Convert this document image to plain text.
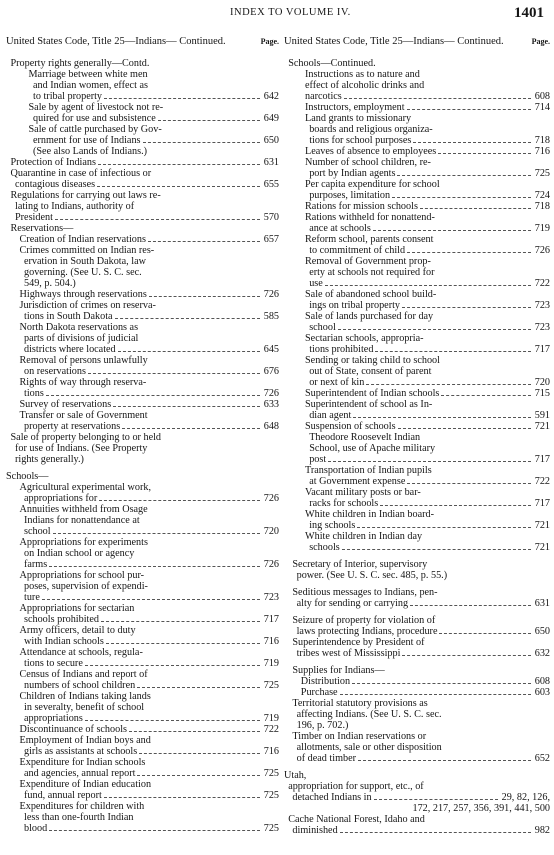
INDEX TO VOLUME IV.	1401
United States Code, Title 25—Indians— Continued.	Page.
Property rights generally—Contd.
Marriage between white men
and Indian women, effect as
to tribal property	642
Sale by agent of livestock not re-
quired for use and subsistence	649
Sale of cattle purchased by Gov-
ernment for use of Indians	650
(See also Lands of Indians.)
Protection of Indians	631
Quarantine in case of infectious or
contagious diseases	655
Regulations for carrying out laws re-
lating to Indians, authority of
President	570
Reservations—
Creation of Indian reservations	657
Crimes committed on Indian res-
ervation in South Dakota, law
governing. (See U. S. C. sec.
549, p. 504.)
Highways through reservations	726
Jurisdiction of crimes on reserva-
tions in South Dakota	585
North Dakota reservations as
parts of divisions of judicial
districts where located	645
Removal of persons unlawfully
on reservations	676
Rights of way through reserva-
tions	726
Survey of reservations	633
Transfer or sale of Government
property at reservations	648
Sale of property belonging to or held
for use of Indians. (See Property
rights generally.)
Schools—
Agricultural experimental work,
appropriations for	726
Annuities withheld from Osage
Indians for nonattendance at
school	720
Appropriations for experiments
on Indian school or agency
farms	726
Appropriations for school pur-
poses, supervision of expendi-
ture	723
Appropriations for sectarian
schools prohibited	717
Army officers, detail to duty
with Indian schools	716
Attendance at schools, regula-
tions to secure	719
Census of Indians and report of
numbers of school children	725
Children of Indians taking lands
in severalty, benefit of school
appropriations	719
Discontinuance of schools	722
Employment of Indian boys and
girls as assistants at schools	716
Expenditure for Indian schools
and agencies, annual report	725
Expenditure of Indian education
fund, annual report	725
Expenditures for children with
less than one-fourth Indian
blood	725
United States Code, Title 25—Indians— Continued.	Page.
Schools—Continued.
Instructions as to nature and
effect of alcoholic drinks and
narcotics	608
Instructors, employment	714
Land grants to missionary
boards and religious organiza-
tions for school purposes	718
Leaves of absence to employees	716
Number of school children, re-
port by Indian agents	725
Per capita expenditure for school
purposes, limitation	724
Rations for mission schools	718
Rations withheld for nonattend-
ance at schools	719
Reform school, parents consent
to commitment of child	726
Removal of Government prop-
erty at schools not required for
use	722
Sale of abandoned school build-
ings on tribal property	723
Sale of lands purchased for day
school	723
Sectarian schools, appropria-
tions prohibited	717
Sending or taking child to school
out of State, consent of parent
or next of kin	720
Superintendent of Indian schools	715
Superintendent of school as In-
dian agent	591
Suspension of schools	721
Theodore Roosevelt Indian
School, use of Apache military
post	717
Transportation of Indian pupils
at Government expense	722
Vacant military posts or bar-
racks for schools	717
White children in Indian board-
ing schools	721
White children in Indian day
schools	721
Secretary of Interior, supervisory
power. (See U. S. C. sec. 485, p. 55.)
Seditious messages to Indians, pen-
alty for sending or carrying	631
Seizure of property for violation of
laws protecting Indians, procedure	650
Superintendence by President of
tribes west of Mississippi	632
Supplies for Indians—
Distribution	608
Purchase	603
Territorial statutory provisions as
affecting Indians. (See U. S. C. sec.
196, p. 702.)
Timber on Indian reservations or
allotments, sale or other disposition
of dead timber	652
Utah,
appropriation for support, etc., of
detached Indians in	29, 82, 126,
172, 217, 257, 356, 391, 441, 500
Cache National Forest, Idaho and
diminished	982
